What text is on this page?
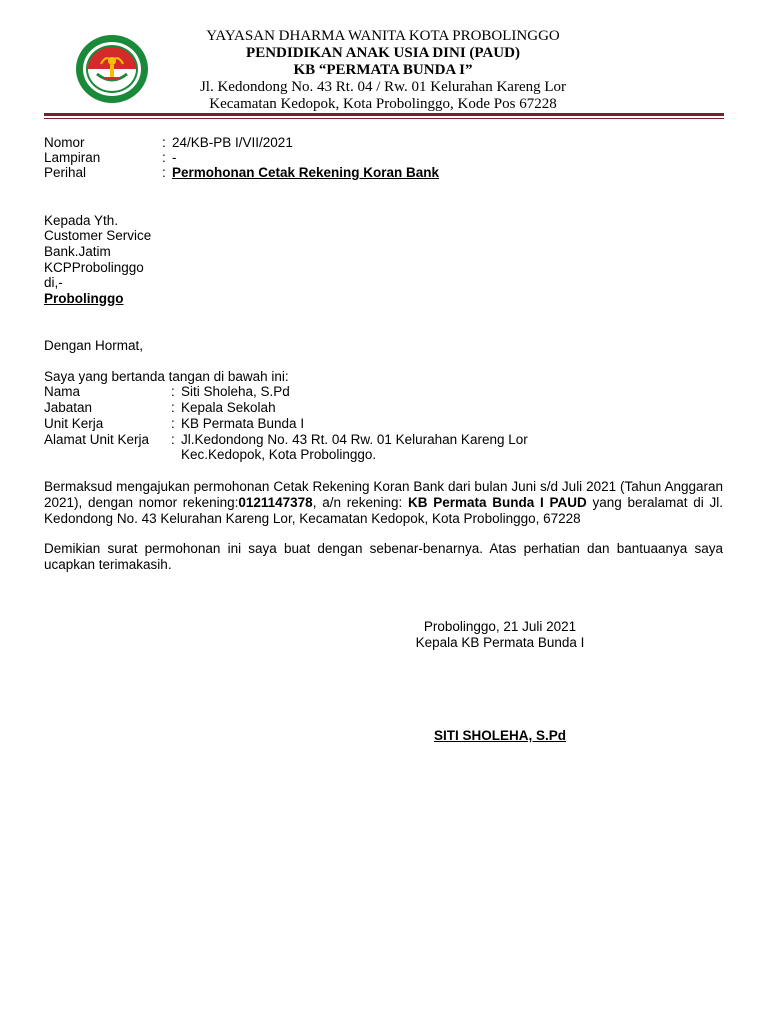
YAYASAN DHARMA WANITA KOTA PROBOLINGGO
PENDIDIKAN ANAK USIA DINI (PAUD)
KB “PERMATA BUNDA I”
Jl. Kedondong No. 43 Rt. 04 / Rw. 01 Kelurahan Kareng Lor
Kecamatan Kedopok, Kota Probolinggo, Kode Pos 67228
Nomor	: 24/KB-PB I/VII/2021
Lampiran	: -
Perihal	: Permohonan Cetak Rekening Koran Bank
Kepada Yth.
Customer Service
Bank.Jatim
KCPProbolinggo
di,-
Probolinggo
Dengan Hormat,
Saya yang bertanda tangan di bawah ini:
Nama	: Siti Sholeha, S.Pd
Jabatan	: Kepala Sekolah
Unit Kerja	: KB Permata Bunda I
Alamat Unit Kerja : Jl.Kedondong No. 43 Rt. 04 Rw. 01 Kelurahan Kareng Lor
Kec.Kedopok, Kota Probolinggo.
Bermaksud mengajukan permohonan Cetak Rekening Koran Bank dari bulan Juni s/d Juli 2021 (Tahun Anggaran 2021), dengan nomor rekening:0121147378, a/n rekening: KB Permata Bunda I PAUD yang beralamat di Jl. Kedondong No. 43 Kelurahan Kareng Lor, Kecamatan Kedopok, Kota Probolinggo, 67228
Demikian surat permohonan ini saya buat dengan sebenar-benarnya. Atas perhatian dan bantuaanya saya ucapkan terimakasih.
Probolinggo, 21 Juli 2021
Kepala KB Permata Bunda I
SITI SHOLEHA, S.Pd
